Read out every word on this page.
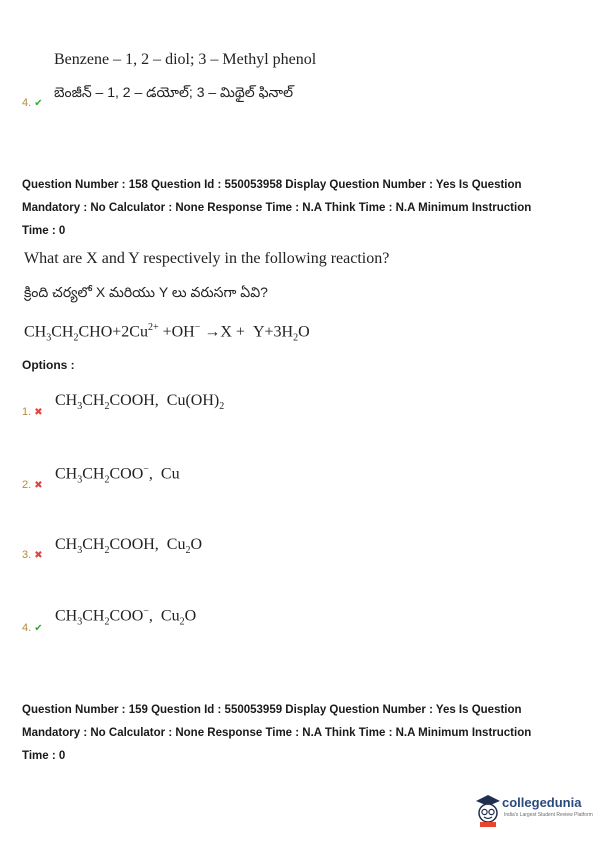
Benzene – 1, 2 – diol; 3 – Methyl phenol
4. ✔
బెంజీన్ – 1, 2 – డయోల్; 3 – మిథైల్ ఫినాల్
Question Number : 158 Question Id : 550053958 Display Question Number : Yes Is Question
Mandatory : No Calculator : None Response Time : N.A Think Time : N.A Minimum Instruction
Time : 0
What are X and Y respectively in the following reaction?
క్రింది చర్యలో X మరియు Y లు వరుసగా ఏవి?
$CH_3CH_2CHO+2Cu^{2+} +OH^- \to X + Y+3H_2O$
Options :
1. ✖
$CH_3CH_2COOH$,  $Cu(OH)_2$
2. ✖
$CH_3CH_2COO^-$,  Cu
3. ✖
$CH_3CH_2COOH$,  $Cu_2O$
4. ✔
$CH_3CH_2COO^-$,  $Cu_2O$
Question Number : 159 Question Id : 550053959 Display Question Number : Yes Is Question
Mandatory : No Calculator : None Response Time : N.A Think Time : N.A Minimum Instruction
Time : 0
collegedunia
India's Largest Student Review Platform
